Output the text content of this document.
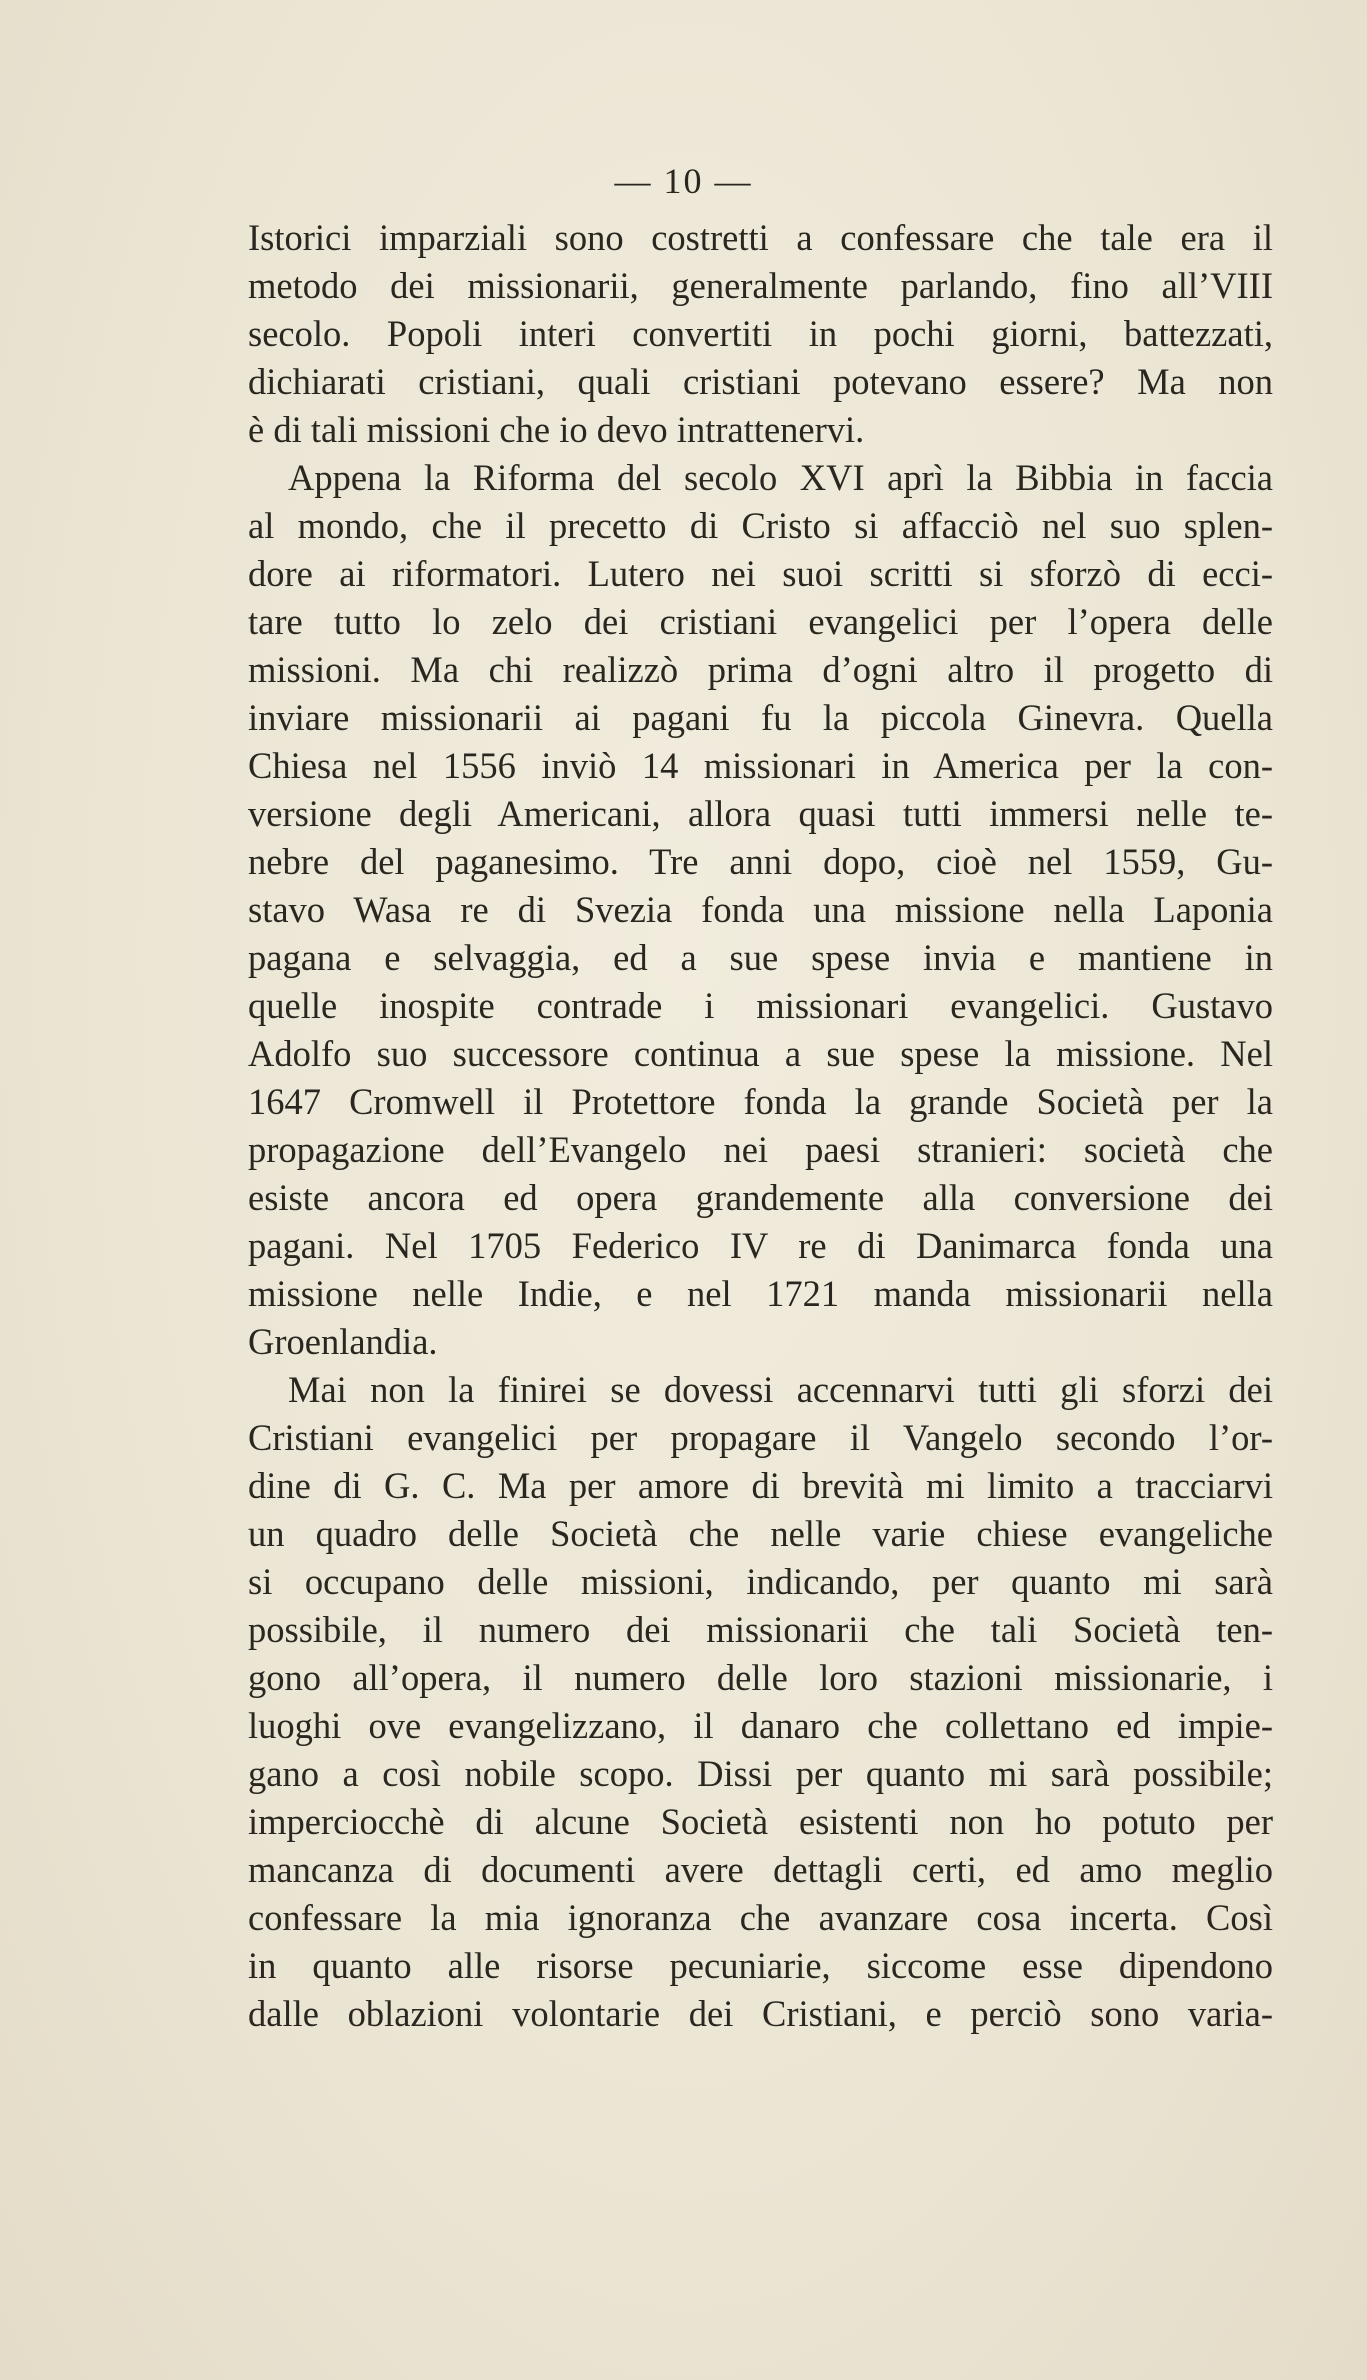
— 10 —
Istorici imparziali sono costretti a confessare che tale era il
metodo dei missionarii, generalmente parlando, fino all’VIII
secolo. Popoli interi convertiti in pochi giorni, battezzati,
dichiarati cristiani, quali cristiani potevano essere? Ma non
è di tali missioni che io devo intrattenervi.
Appena la Riforma del secolo XVI aprì la Bibbia in faccia
al mondo, che il precetto di Cristo si affacciò nel suo splen-
dore ai riformatori. Lutero nei suoi scritti si sforzò di ecci-
tare tutto lo zelo dei cristiani evangelici per l’opera delle
missioni. Ma chi realizzò prima d’ogni altro il progetto di
inviare missionarii ai pagani fu la piccola Ginevra. Quella
Chiesa nel 1556 inviò 14 missionari in America per la con-
versione degli Americani, allora quasi tutti immersi nelle te-
nebre del paganesimo. Tre anni dopo, cioè nel 1559, Gu-
stavo Wasa re di Svezia fonda una missione nella Laponia
pagana e selvaggia, ed a sue spese invia e mantiene in
quelle inospite contrade i missionari evangelici. Gustavo
Adolfo suo successore continua a sue spese la missione. Nel
1647 Cromwell il Protettore fonda la grande Società per la
propagazione dell’Evangelo nei paesi stranieri: società che
esiste ancora ed opera grandemente alla conversione dei
pagani. Nel 1705 Federico IV re di Danimarca fonda una
missione nelle Indie, e nel 1721 manda missionarii nella
Groenlandia.
Mai non la finirei se dovessi accennarvi tutti gli sforzi dei
Cristiani evangelici per propagare il Vangelo secondo l’or-
dine di G. C. Ma per amore di brevità mi limito a tracciarvi
un quadro delle Società che nelle varie chiese evangeliche
si occupano delle missioni, indicando, per quanto mi sarà
possibile, il numero dei missionarii che tali Società ten-
gono all’opera, il numero delle loro stazioni missionarie, i
luoghi ove evangelizzano, il danaro che collettano ed impie-
gano a così nobile scopo. Dissi per quanto mi sarà possibile;
imperciocchè di alcune Società esistenti non ho potuto per
mancanza di documenti avere dettagli certi, ed amo meglio
confessare la mia ignoranza che avanzare cosa incerta. Così
in quanto alle risorse pecuniarie, siccome esse dipendono
dalle oblazioni volontarie dei Cristiani, e perciò sono varia-
